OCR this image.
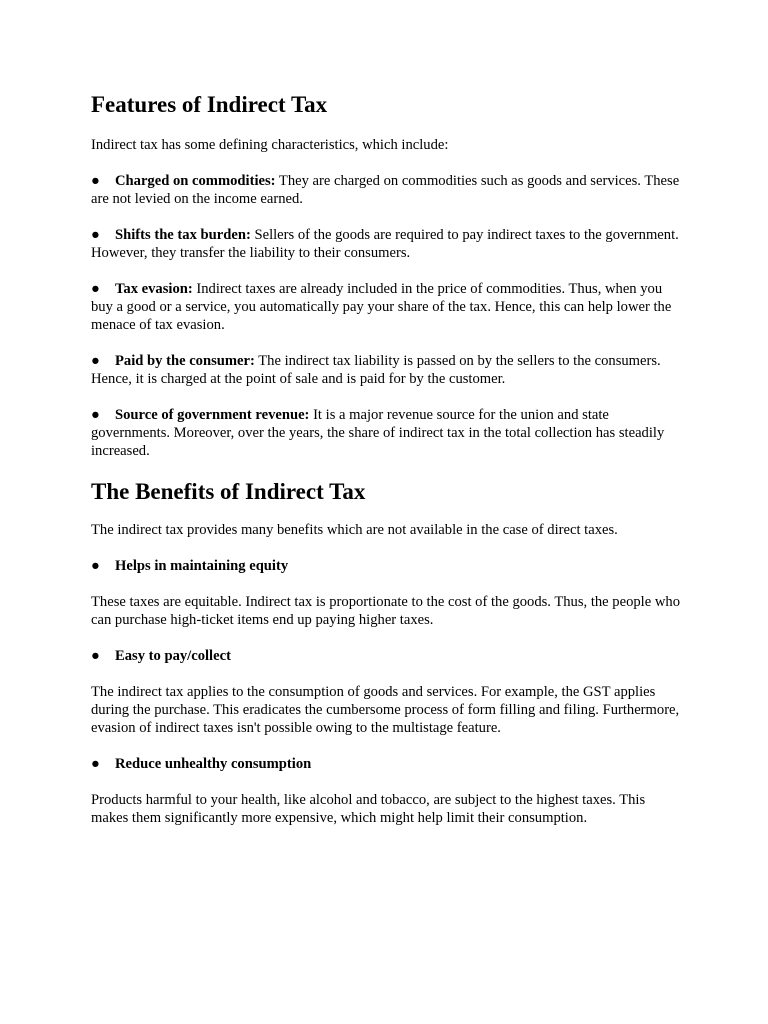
Features of Indirect Tax

Indirect tax has some defining characteristics, which include:

● Charged on commodities: They are charged on commodities such as goods and services. These are not levied on the income earned.

● Shifts the tax burden: Sellers of the goods are required to pay indirect taxes to the government. However, they transfer the liability to their consumers.

● Tax evasion: Indirect taxes are already included in the price of commodities. Thus, when you buy a good or a service, you automatically pay your share of the tax. Hence, this can help lower the menace of tax evasion.

● Paid by the consumer: The indirect tax liability is passed on by the sellers to the consumers. Hence, it is charged at the point of sale and is paid for by the customer.

● Source of government revenue: It is a major revenue source for the union and state governments. Moreover, over the years, the share of indirect tax in the total collection has steadily increased.

The Benefits of Indirect Tax

The indirect tax provides many benefits which are not available in the case of direct taxes.

● Helps in maintaining equity

These taxes are equitable. Indirect tax is proportionate to the cost of the goods. Thus, the people who can purchase high-ticket items end up paying higher taxes.

● Easy to pay/collect

The indirect tax applies to the consumption of goods and services. For example, the GST applies during the purchase. This eradicates the cumbersome process of form filling and filing. Furthermore, evasion of indirect taxes isn't possible owing to the multistage feature.

● Reduce unhealthy consumption

Products harmful to your health, like alcohol and tobacco, are subject to the highest taxes. This makes them significantly more expensive, which might help limit their consumption.
